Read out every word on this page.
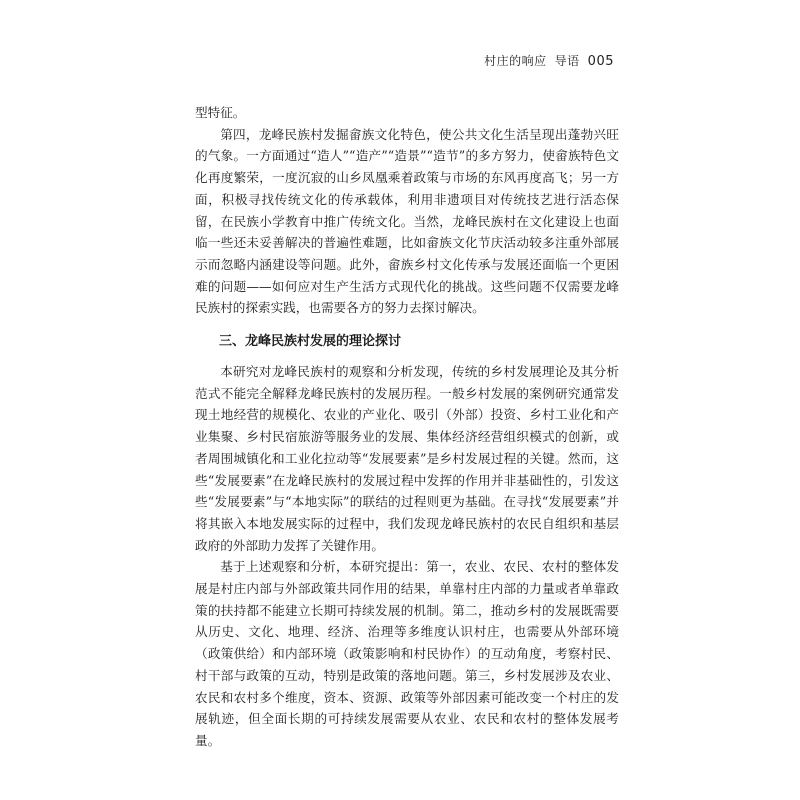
村庄的响应 导语 005

型特征。

第四，龙峰民族村发掘畲族文化特色，使公共文化生活呈现出蓬勃兴旺的气象。一方面通过“造人”“造产”“造景”“造节”的多方努力，使畲族特色文化再度繁荣，一度沉寂的山乡凤凰乘着政策与市场的东风再度高飞；另一方面，积极寻找传统文化的传承载体，利用非遗项目对传统技艺进行活态保留，在民族小学教育中推广传统文化。当然，龙峰民族村在文化建设上也面临一些还未妥善解决的普遍性难题，比如畲族文化节庆活动较多注重外部展示而忽略内涵建设等问题。此外，畲族乡村文化传承与发展还面临一个更困难的问题——如何应对生产生活方式现代化的挑战。这些问题不仅需要龙峰民族村的探索实践，也需要各方的努力去探讨解决。

三、龙峰民族村发展的理论探讨

本研究对龙峰民族村的观察和分析发现，传统的乡村发展理论及其分析范式不能完全解释龙峰民族村的发展历程。一般乡村发展的案例研究通常发现土地经营的规模化、农业的产业化、吸引（外部）投资、乡村工业化和产业集聚、乡村民宿旅游等服务业的发展、集体经济经营组织模式的创新，或者周围城镇化和工业化拉动等“发展要素”是乡村发展过程的关键。然而，这些“发展要素”在龙峰民族村的发展过程中发挥的作用并非基础性的，引发这些“发展要素”与“本地实际”的联结的过程则更为基础。在寻找“发展要素”并将其嵌入本地发展实际的过程中，我们发现龙峰民族村的农民自组织和基层政府的外部助力发挥了关键作用。

基于上述观察和分析，本研究提出：第一，农业、农民、农村的整体发展是村庄内部与外部政策共同作用的结果，单靠村庄内部的力量或者单靠政策的扶持都不能建立长期可持续发展的机制。第二，推动乡村的发展既需要从历史、文化、地理、经济、治理等多维度认识村庄，也需要从外部环境（政策供给）和内部环境（政策影响和村民协作）的互动角度，考察村民、村干部与政策的互动，特别是政策的落地问题。第三，乡村发展涉及农业、农民和农村多个维度，资本、资源、政策等外部因素可能改变一个村庄的发展轨迹，但全面长期的可持续发展需要从农业、农民和农村的整体发展考量。
